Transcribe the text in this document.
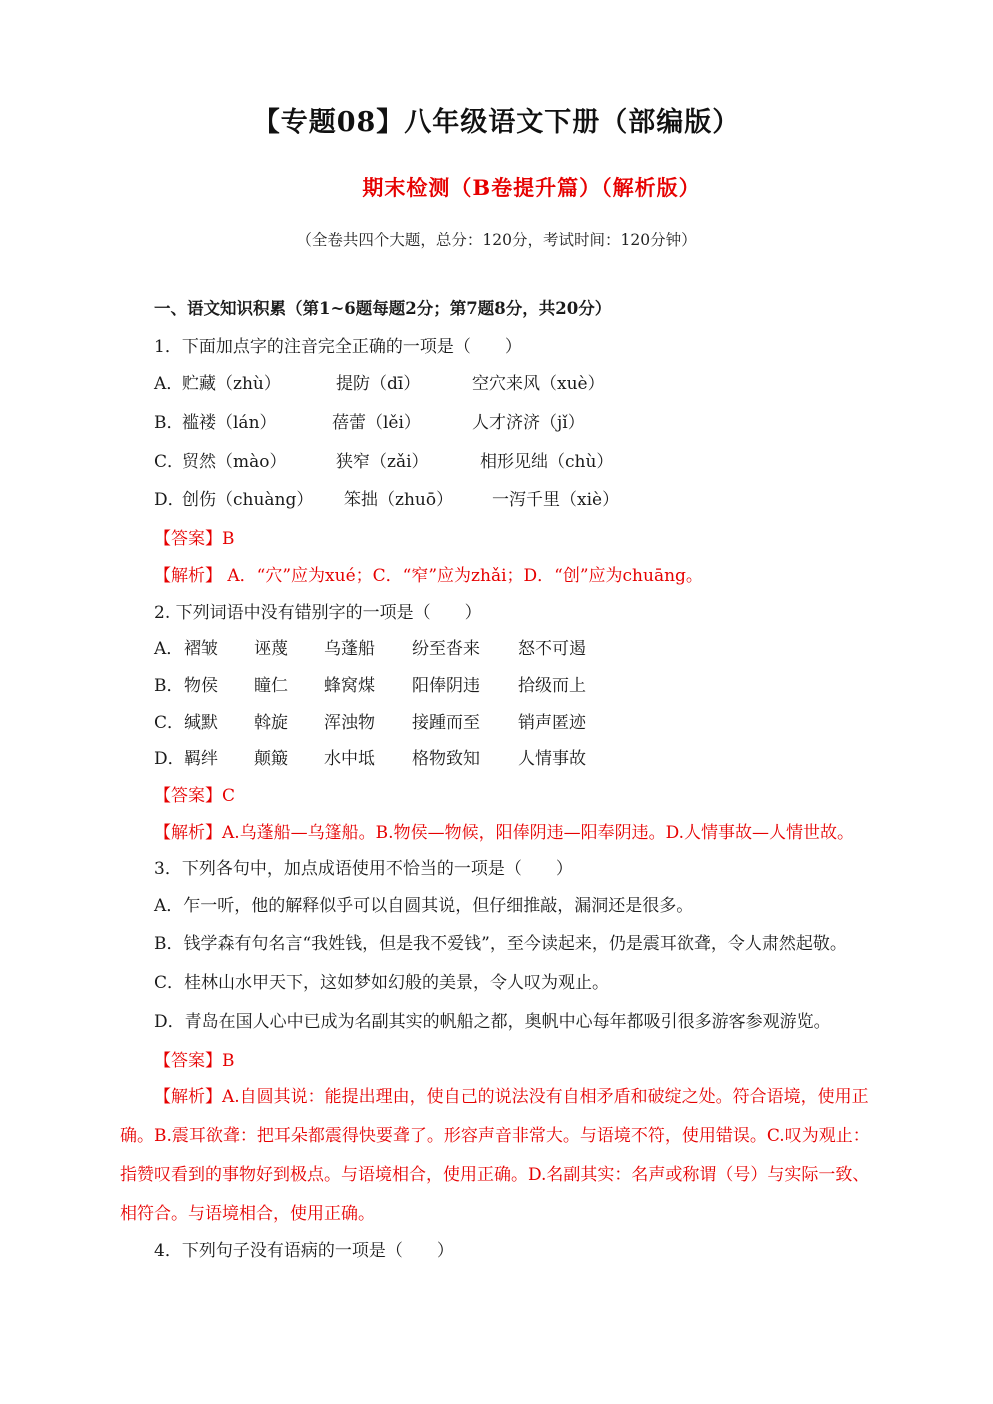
【专题08】八年级语文下册（部编版）
期末检测（B卷提升篇）（解析版）
（全卷共四个大题，总分：120分，考试时间：120分钟）
一、语文知识积累（第1~6题每题2分；第7题8分，共20分）
1．下面加点字的注音完全正确的一项是（　　）
A．
贮藏（zhù）	提防（dī）	空穴来风（xuè）
B．
褴褛（lán）	蓓蕾（lěi）	人才济济（jǐ）
C．
贸然（mào）	狭窄（zǎi）	相形见绌（chù）
D．
创伤（chuàng） 笨拙（zhuō） 一泻千里（xiè）
【答案】B
【解析】 A．“穴”应为xué；C．“窄”应为zhǎi；D．“创”应为chuāng。
2. 下列词语中没有错别字的一项是（　　）
A． 褶皱 诬蔑 乌蓬船 纷至沓来 怒不可遏
B． 物侯 瞳仁 蜂窝煤 阳俸阴违 拾级而上
C． 缄默 斡旋 浑浊物 接踵而至 销声匿迹
D． 羁绊 颠簸 水中坻 格物致知 人情事故
【答案】C
【解析】A.乌蓬船—乌篷船。B.物侯—物候，阳俸阴违—阳奉阴违。D.人情事故—人情世故。
3．下列各句中，加点成语使用不恰当的一项是（　　）
A．乍一听，他的解释似乎可以自圆其说，但仔细推敲，漏洞还是很多。
B．钱学森有句名言“我姓钱，但是我不爱钱”，至今读起来，仍是震耳欲聋，令人肃然起敬。
C．桂林山水甲天下，这如梦如幻般的美景，令人叹为观止。
D．青岛在国人心中已成为名副其实的帆船之都，奥帆中心每年都吸引很多游客参观游览。
【答案】B
【解析】A.自圆其说：能提出理由，使自己的说法没有自相矛盾和破绽之处。符合语境，使用正确。B.震耳欲聋：把耳朵都震得快要聋了。形容声音非常大。与语境不符，使用错误。C.叹为观止：指赞叹看到的事物好到极点。与语境相合，使用正确。D.名副其实：名声或称谓（号）与实际一致、相符合。与语境相合，使用正确。
4．下列句子没有语病的一项是（　　）
